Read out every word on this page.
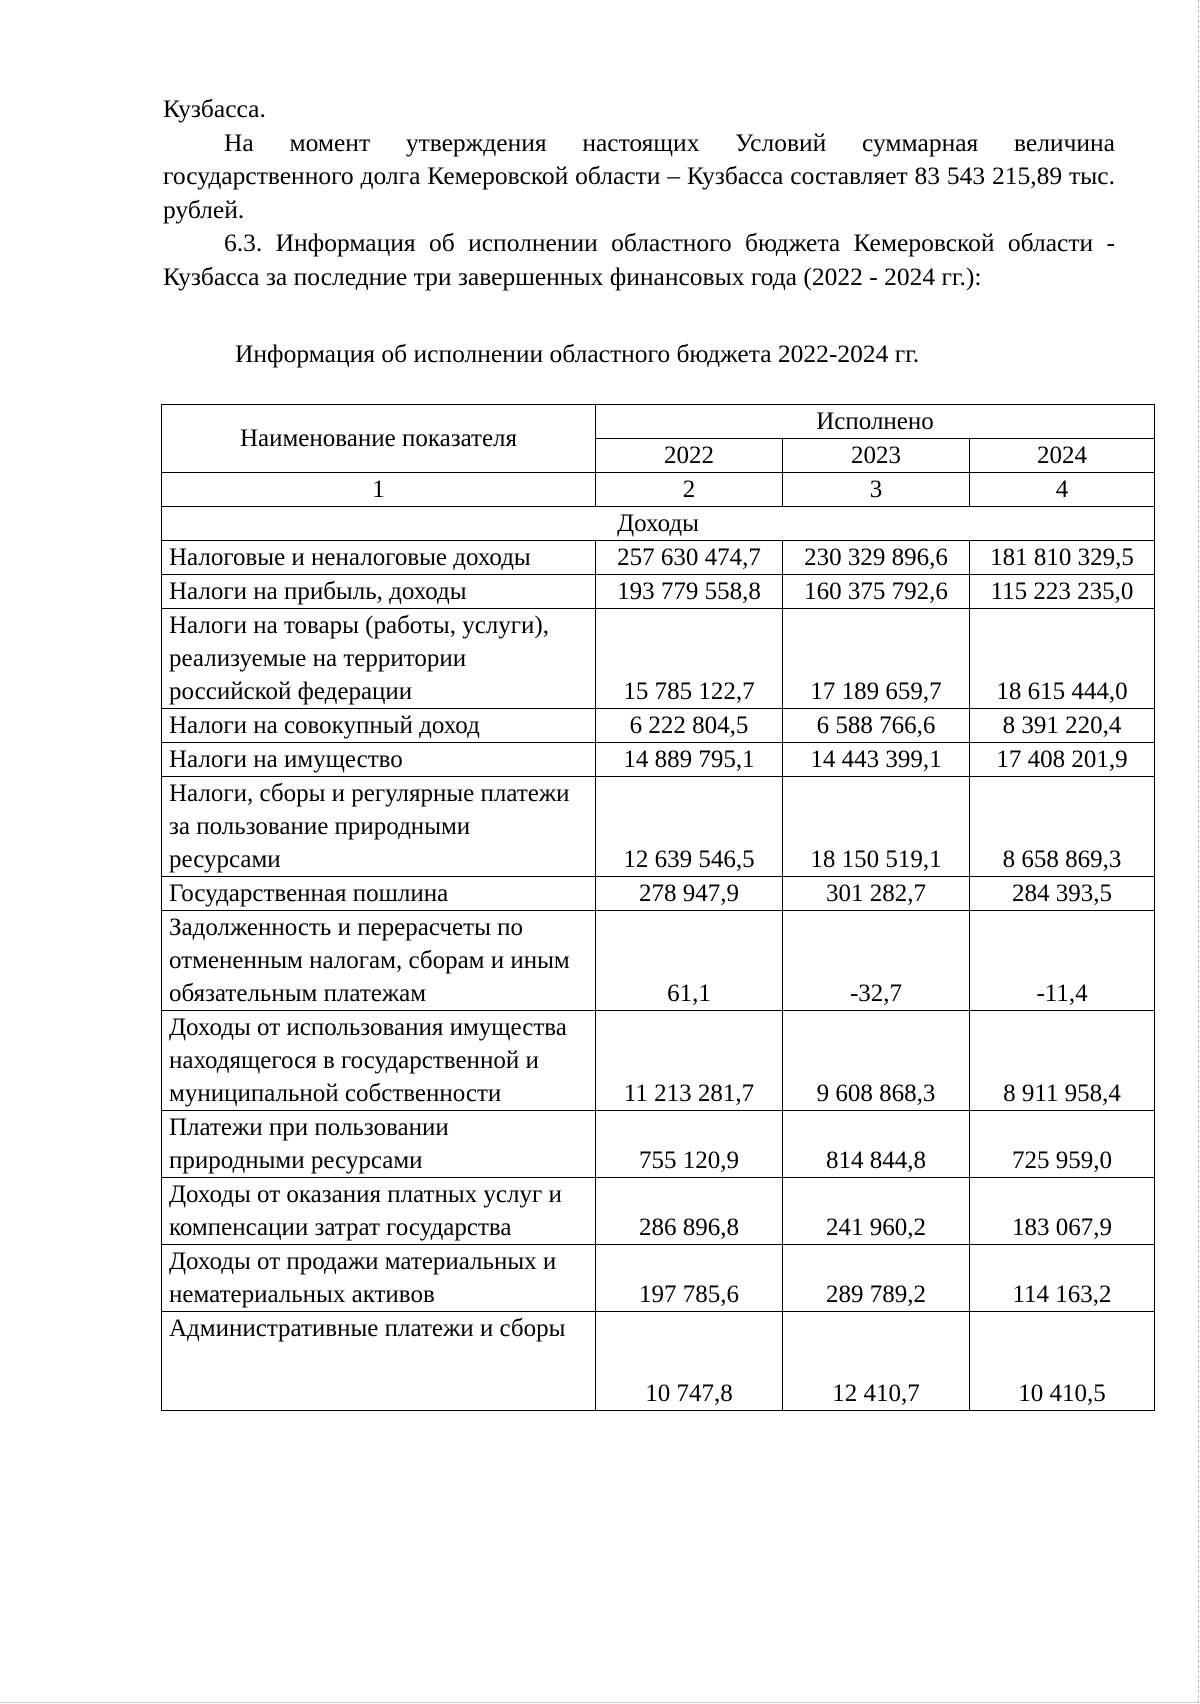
Кузбасса.

На момент утверждения настоящих Условий суммарная величина государственного долга Кемеровской области – Кузбасса составляет 83 543 215,89 тыс. рублей.

6.3. Информация об исполнении областного бюджета Кемеровской области - Кузбасса за последние три завершенных финансовых года (2022 - 2024 гг.):

Информация об исполнении областного бюджета 2022-2024 гг.
Наименование показателя	Исполнено		
	2022	2023	2024
1	2	3	4
Доходы			
Налоговые и неналоговые доходы	257 630 474,7	230 329 896,6	181 810 329,5
Налоги на прибыль, доходы	193 779 558,8	160 375 792,6	115 223 235,0
Налоги на товары (работы, услуги), реализуемые на территории российской федерации	15 785 122,7	17 189 659,7	18 615 444,0
Налоги на совокупный доход	6 222 804,5	6 588 766,6	8 391 220,4
Налоги на имущество	14 889 795,1	14 443 399,1	17 408 201,9
Налоги, сборы и регулярные платежи за пользование природными ресурсами	12 639 546,5	18 150 519,1	8 658 869,3
Государственная пошлина	278 947,9	301 282,7	284 393,5
Задолженность и перерасчеты по отмененным налогам, сборам и иным обязательным платежам	61,1	-32,7	-11,4
Доходы от использования имущества находящегося в государственной и муниципальной собственности	11 213 281,7	9 608 868,3	8 911 958,4
Платежи при пользовании природными ресурсами	755 120,9	814 844,8	725 959,0
Доходы от оказания платных услуг и компенсации затрат государства	286 896,8	241 960,2	183 067,9
Доходы от продажи материальных и нематериальных активов	197 785,6	289 789,2	114 163,2
Административные платежи и сборы	10 747,8	12 410,7	10 410,5
